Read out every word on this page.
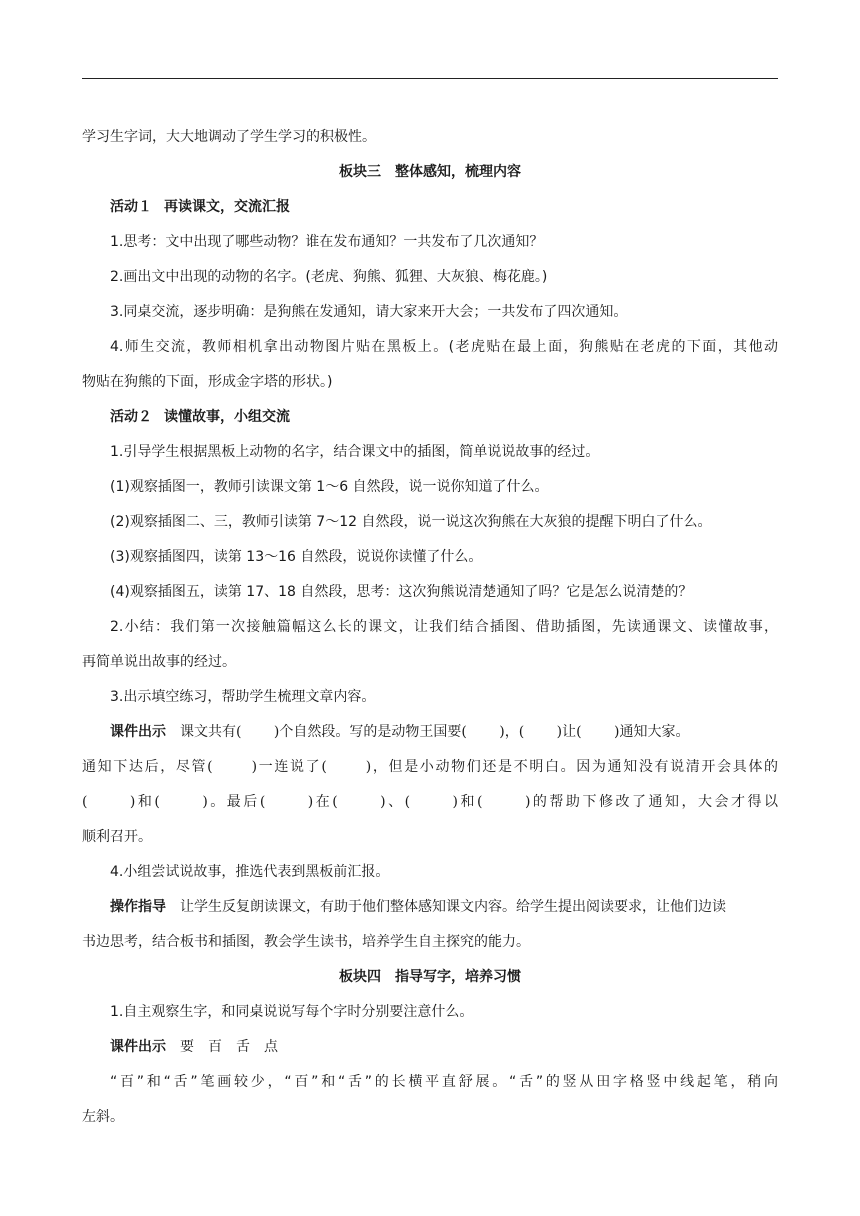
学习生字词，大大地调动了学生学习的积极性。
板块三　整体感知，梳理内容
活动１ 再读课文，交流汇报
1.思考：文中出现了哪些动物？谁在发布通知？一共发布了几次通知？
2.画出文中出现的动物的名字。(老虎、狗熊、狐狸、大灰狼、梅花鹿。)
3.同桌交流，逐步明确：是狗熊在发通知，请大家来开大会；一共发布了四次通知。
4.师生交流，教师相机拿出动物图片贴在黑板上。(老虎贴在最上面，狗熊贴在老虎的下面，其他动
物贴在狗熊的下面，形成金字塔的形状。)
活动２ 读懂故事，小组交流
1.引导学生根据黑板上动物的名字，结合课文中的插图，简单说说故事的经过。
(1)观察插图一，教师引读课文第 1～6 自然段，说一说你知道了什么。
(2)观察插图二、三，教师引读第 7～12 自然段，说一说这次狗熊在大灰狼的提醒下明白了什么。
(3)观察插图四，读第 13～16 自然段，说说你读懂了什么。
(4)观察插图五，读第 17、18 自然段，思考：这次狗熊说清楚通知了吗？它是怎么说清楚的？
2.小结：我们第一次接触篇幅这么长的课文，让我们结合插图、借助插图，先读通课文、读懂故事，
再简单说出故事的经过。
3.出示填空练习，帮助学生梳理文章内容。
课件出示 课文共有(　　 )个自然段。写的是动物王国要(　　 )，(　　 )让(　　 )通知大家。
通知下达后，尽管(　　 )一连说了(　　 )，但是小动物们还是不明白。因为通知没有说清开会具体的
(　　 )和(　　 )。最后(　　 )在(　　 )、(　　 )和(　　 )的帮助下修改了通知，大会才得以
顺利召开。
4.小组尝试说故事，推选代表到黑板前汇报。
操作指导 让学生反复朗读课文，有助于他们整体感知课文内容。给学生提出阅读要求，让他们边读
书边思考，结合板书和插图，教会学生读书，培养学生自主探究的能力。
板块四　指导写字，培养习惯
1.自主观察生字，和同桌说说写每个字时分别要注意什么。
课件出示 要　百　舌　点
“百”和“舌”笔画较少，“百”和“舌”的长横平直舒展。“舌”的竖从田字格竖中线起笔，稍向
左斜。
